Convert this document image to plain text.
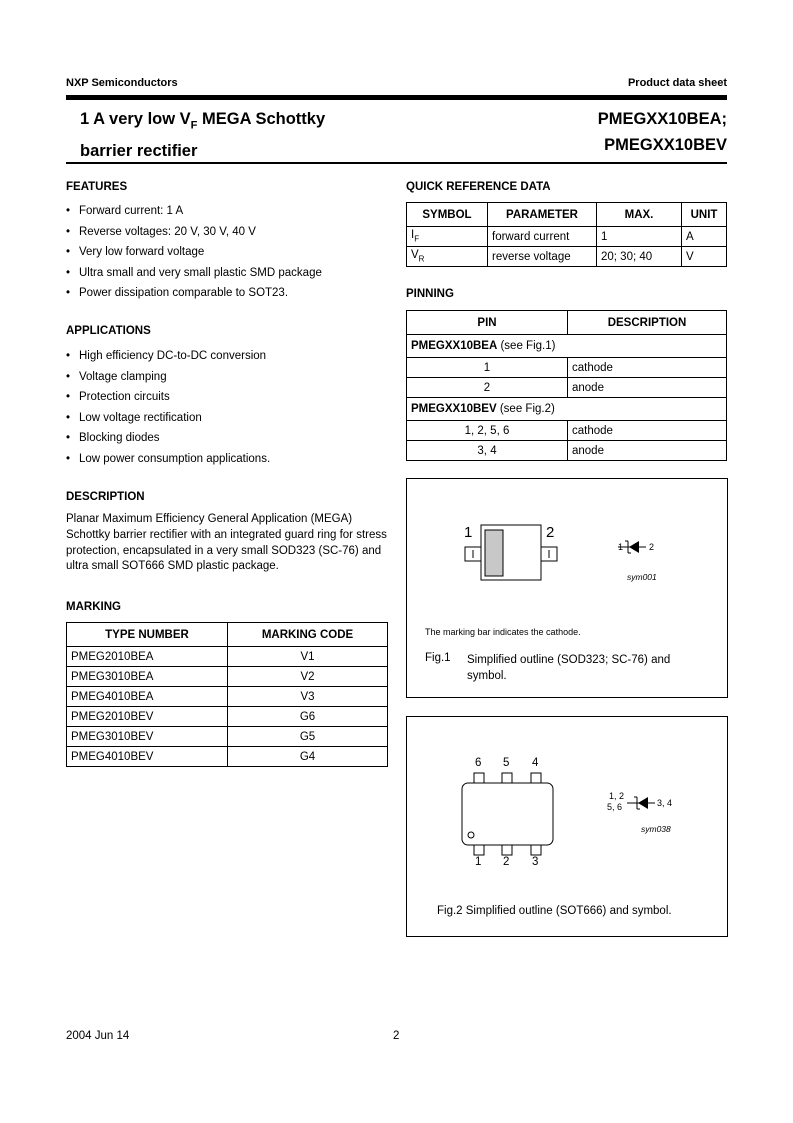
NXP Semiconductors	Product data sheet
1 A very low $V_F$ MEGA Schottky
barrier rectifier
PMEGXX10BEA;
PMEGXX10BEV
FEATURES
• Forward current: 1 A
• Reverse voltages: 20 V, 30 V, 40 V
• Very low forward voltage
• Ultra small and very small plastic SMD package
• Power dissipation comparable to SOT23.
APPLICATIONS
• High efficiency DC-to-DC conversion
• Voltage clamping
• Protection circuits
• Low voltage rectification
• Blocking diodes
• Low power consumption applications.
DESCRIPTION
Planar Maximum Efficiency General Application (MEGA) Schottky barrier rectifier with an integrated guard ring for stress protection, encapsulated in a very small SOD323 (SC-76) and ultra small SOT666 SMD plastic package.
MARKING
TYPE NUMBER	MARKING CODE
PMEG2010BEA	V1
PMEG3010BEA	V2
PMEG4010BEA	V3
PMEG2010BEV	G6
PMEG3010BEV	G5
PMEG4010BEV	G4
QUICK REFERENCE DATA
SYMBOL	PARAMETER	MAX.	UNIT
$I_F$	forward current	1	A
$V_R$	reverse voltage	20; 30; 40	V
PINNING
PIN	DESCRIPTION
PMEGXX10BEA (see Fig.1)	
1	cathode
2	anode
PMEGXX10BEV (see Fig.2)	
1, 2, 5, 6	cathode
3, 4	anode
1	2
1	2
sym001
The marking bar indicates the cathode.
Fig.1 Simplified outline (SOD323; SC-76) and symbol.
6 5 4
1 2 3
1, 2
5, 6	3, 4
sym038
Fig.2 Simplified outline (SOT666) and symbol.
2004 Jun 14	2
